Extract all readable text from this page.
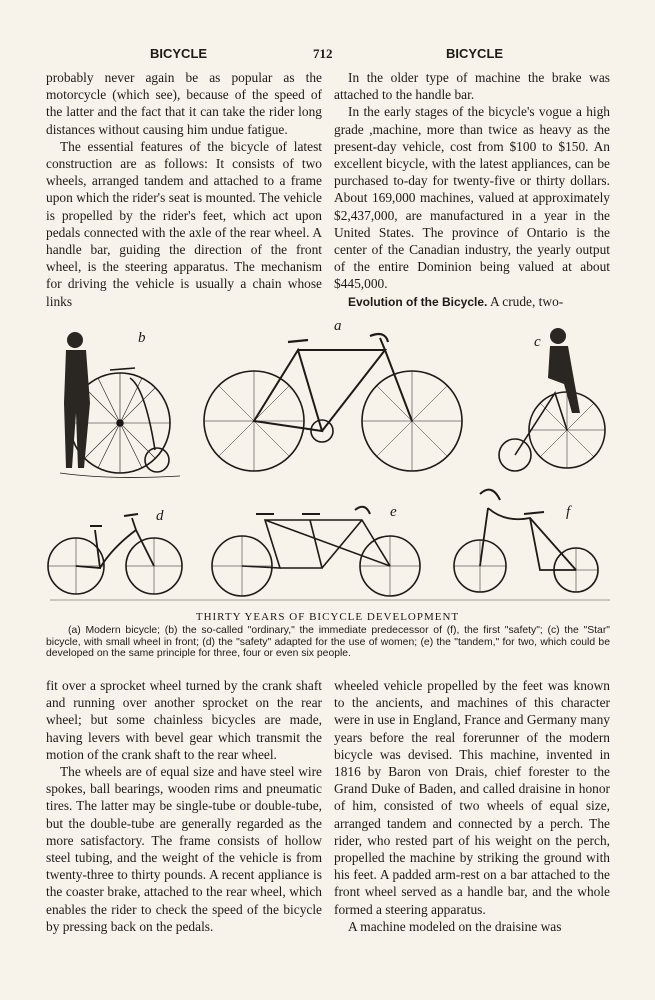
BICYCLE	712	BICYCLE

probably never again be as popular as the motorcycle (which see), because of the speed of the latter and the fact that it can take the rider long distances without causing him undue fatigue.

The essential features of the bicycle of latest construction are as follows: It consists of two wheels, arranged tandem and attached to a frame upon which the rider's seat is mounted. The vehicle is propelled by the rider's feet, which act upon pedals connected with the axle of the rear wheel. A handle bar, guiding the direction of the front wheel, is the steering apparatus. The mechanism for driving the vehicle is usually a chain whose links

In the older type of machine the brake was attached to the handle bar.

In the early stages of the bicycle's vogue a high grade ,machine, more than twice as heavy as the present-day vehicle, cost from $100 to $150. An excellent bicycle, with the latest appliances, can be purchased to-day for twenty-five or thirty dollars. About 169,000 machines, valued at approximately $2,437,000, are manufactured in a year in the United States. The province of Ontario is the center of the Canadian industry, the yearly output of the entire Dominion being valued at about $445,000.

Evolution of the Bicycle. A crude, two-

b
a
c
d	e	f
THIRTY YEARS OF BICYCLE DEVELOPMENT

(a) Modern bicycle; (b) the so-called "ordinary," the immediate predecessor of (f), the first "safety"; (c) the "Star" bicycle, with small wheel in front; (d) the "safety" adapted for the use of women; (e) the "tandem," for two, which could be developed on the same principle for three, four or even six people.

fit over a sprocket wheel turned by the crank shaft and running over another sprocket on the rear wheel; but some chainless bicycles are made, having levers with bevel gear which transmit the motion of the crank shaft to the rear wheel.

The wheels are of equal size and have steel wire spokes, ball bearings, wooden rims and pneumatic tires. The latter may be single-tube or double-tube, but the double-tube are generally regarded as the more satisfactory. The frame consists of hollow steel tubing, and the weight of the vehicle is from twenty-three to thirty pounds. A recent appliance is the coaster brake, attached to the rear wheel, which enables the rider to check the speed of the bicycle by pressing back on the pedals.

wheeled vehicle propelled by the feet was known to the ancients, and machines of this character were in use in England, France and Germany many years before the real forerunner of the modern bicycle was devised. This machine, invented in 1816 by Baron von Drais, chief forester to the Grand Duke of Baden, and called draisine in honor of him, consisted of two wheels of equal size, arranged tandem and connected by a perch. The rider, who rested part of his weight on the perch, propelled the machine by striking the ground with his feet. A padded arm-rest on a bar attached to the front wheel served as a handle bar, and the whole formed a steering apparatus.

A machine modeled on the draisine was
